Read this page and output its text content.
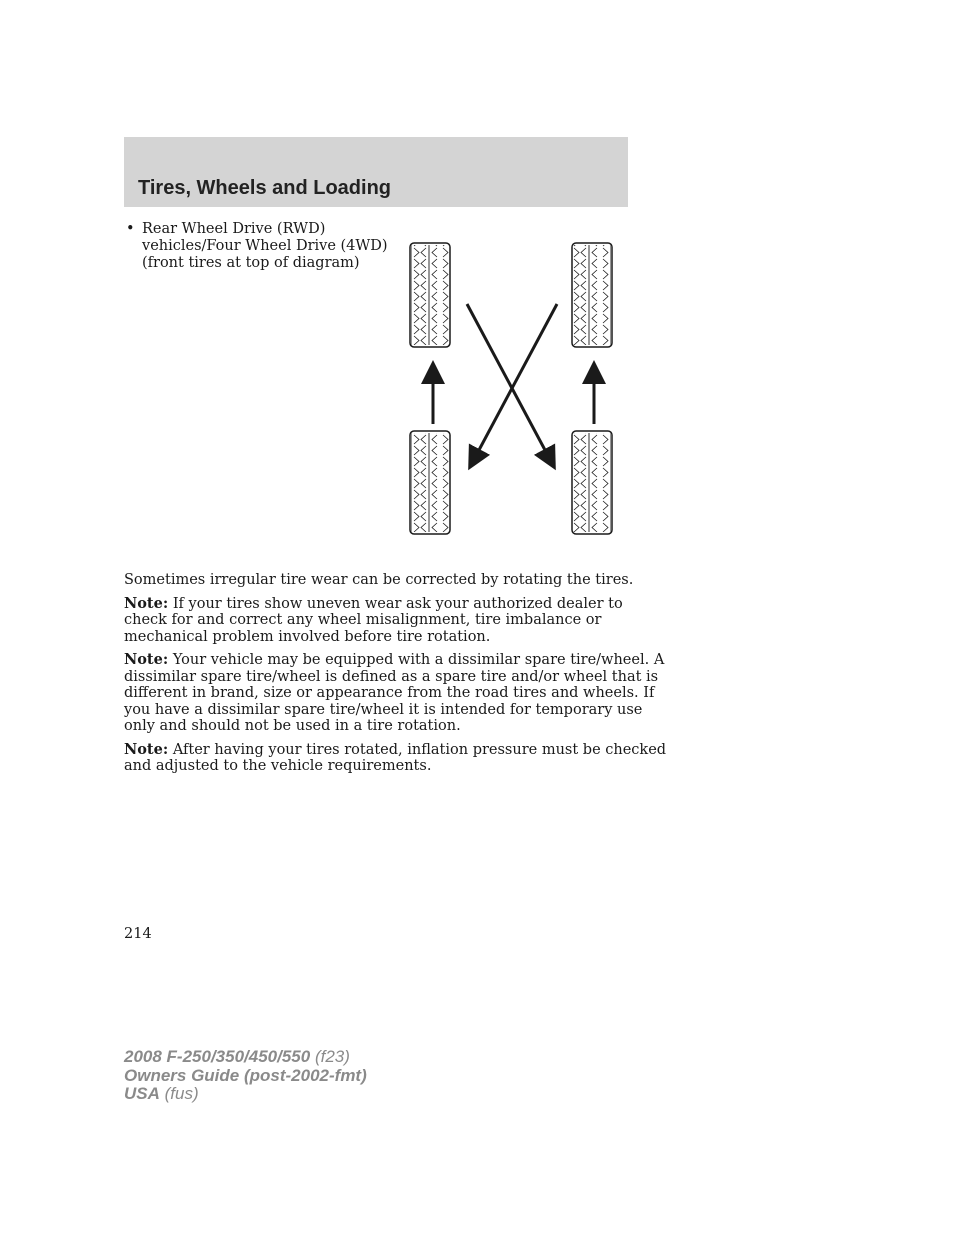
Tires, Wheels and Loading
• Rear Wheel Drive (RWD)
vehicles/Four Wheel Drive (4WD)
(front tires at top of diagram)

Sometimes irregular tire wear can be corrected by rotating the tires.

Note: If your tires show uneven wear ask your authorized dealer to
check for and correct any wheel misalignment, tire imbalance or
mechanical problem involved before tire rotation.

Note: Your vehicle may be equipped with a dissimilar spare tire/wheel. A
dissimilar spare tire/wheel is defined as a spare tire and/or wheel that is
different in brand, size or appearance from the road tires and wheels. If
you have a dissimilar spare tire/wheel it is intended for temporary use
only and should not be used in a tire rotation.

Note: After having your tires rotated, inflation pressure must be checked
and adjusted to the vehicle requirements.

214
2008 F-250/350/450/550 (f23)
Owners Guide (post-2002-fmt)
USA (fus)
